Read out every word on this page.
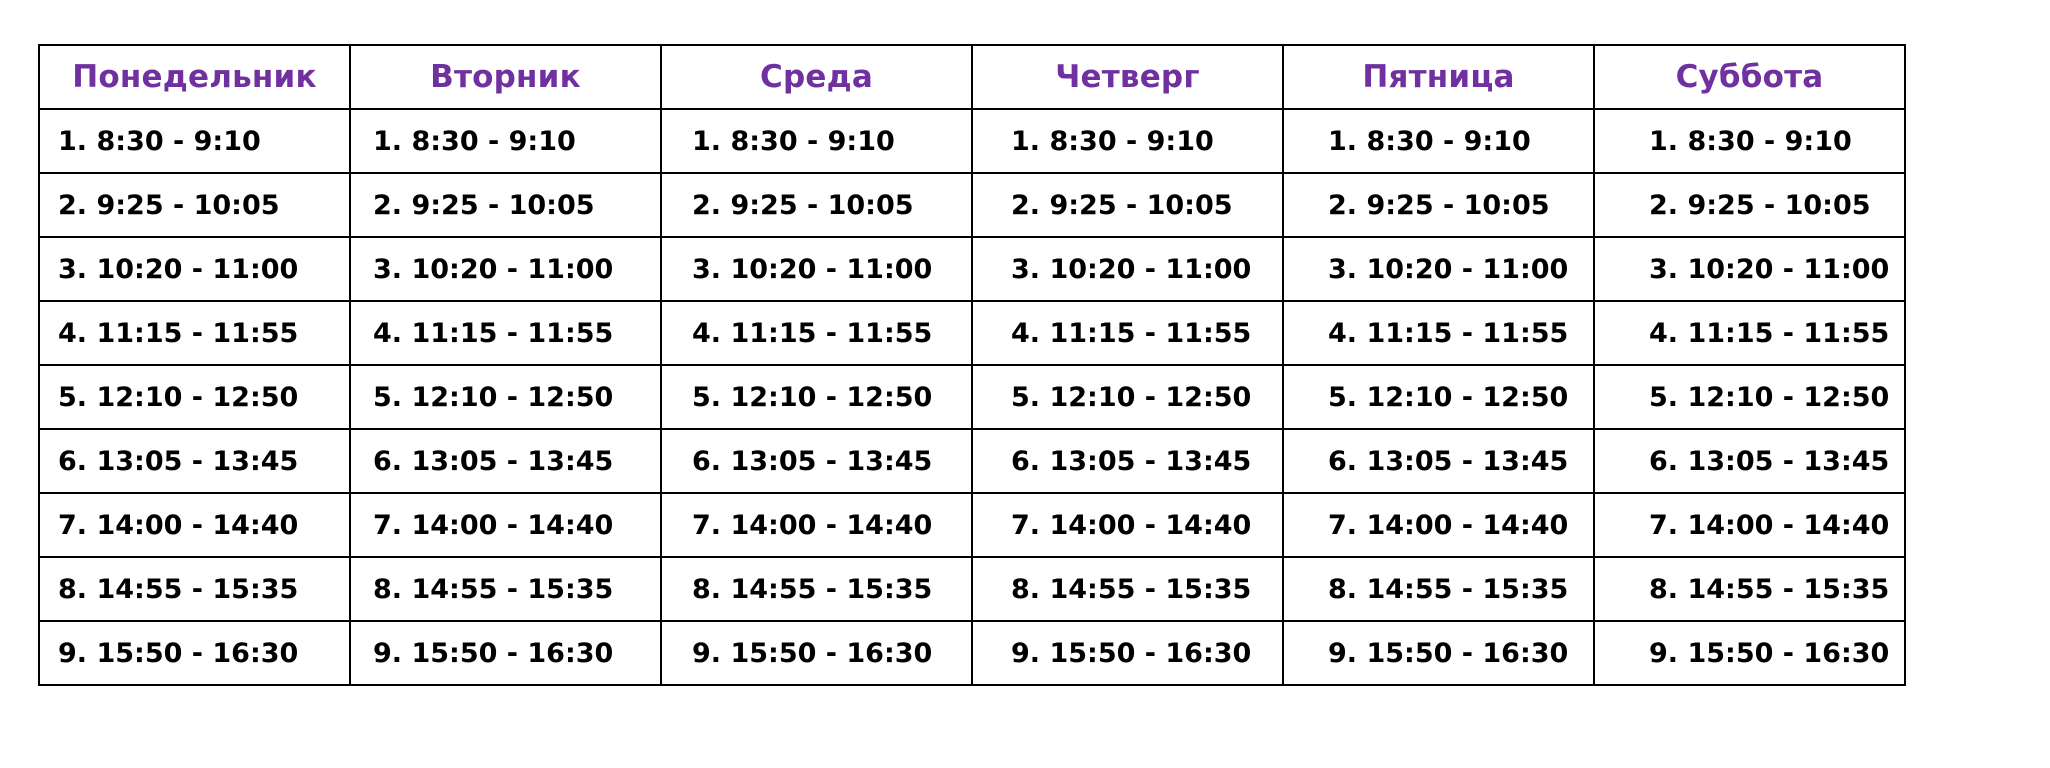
Понедельник	Вторник	Среда	Четверг	Пятница	Суббота
1. 8:30 - 9:10	1. 8:30 - 9:10	1. 8:30 - 9:10	1. 8:30 - 9:10	1. 8:30 - 9:10	1. 8:30 - 9:10
2. 9:25 - 10:05	2. 9:25 - 10:05	2. 9:25 - 10:05	2. 9:25 - 10:05	2. 9:25 - 10:05	2. 9:25 - 10:05
3. 10:20 - 11:00	3. 10:20 - 11:00	3. 10:20 - 11:00	3. 10:20 - 11:00	3. 10:20 - 11:00	3. 10:20 - 11:00
4. 11:15 - 11:55	4. 11:15 - 11:55	4. 11:15 - 11:55	4. 11:15 - 11:55	4. 11:15 - 11:55	4. 11:15 - 11:55
5. 12:10 - 12:50	5. 12:10 - 12:50	5. 12:10 - 12:50	5. 12:10 - 12:50	5. 12:10 - 12:50	5. 12:10 - 12:50
6. 13:05 - 13:45	6. 13:05 - 13:45	6. 13:05 - 13:45	6. 13:05 - 13:45	6. 13:05 - 13:45	6. 13:05 - 13:45
7. 14:00 - 14:40	7. 14:00 - 14:40	7. 14:00 - 14:40	7. 14:00 - 14:40	7. 14:00 - 14:40	7. 14:00 - 14:40
8. 14:55 - 15:35	8. 14:55 - 15:35	8. 14:55 - 15:35	8. 14:55 - 15:35	8. 14:55 - 15:35	8. 14:55 - 15:35
9. 15:50 - 16:30	9. 15:50 - 16:30	9. 15:50 - 16:30	9. 15:50 - 16:30	9. 15:50 - 16:30	9. 15:50 - 16:30
